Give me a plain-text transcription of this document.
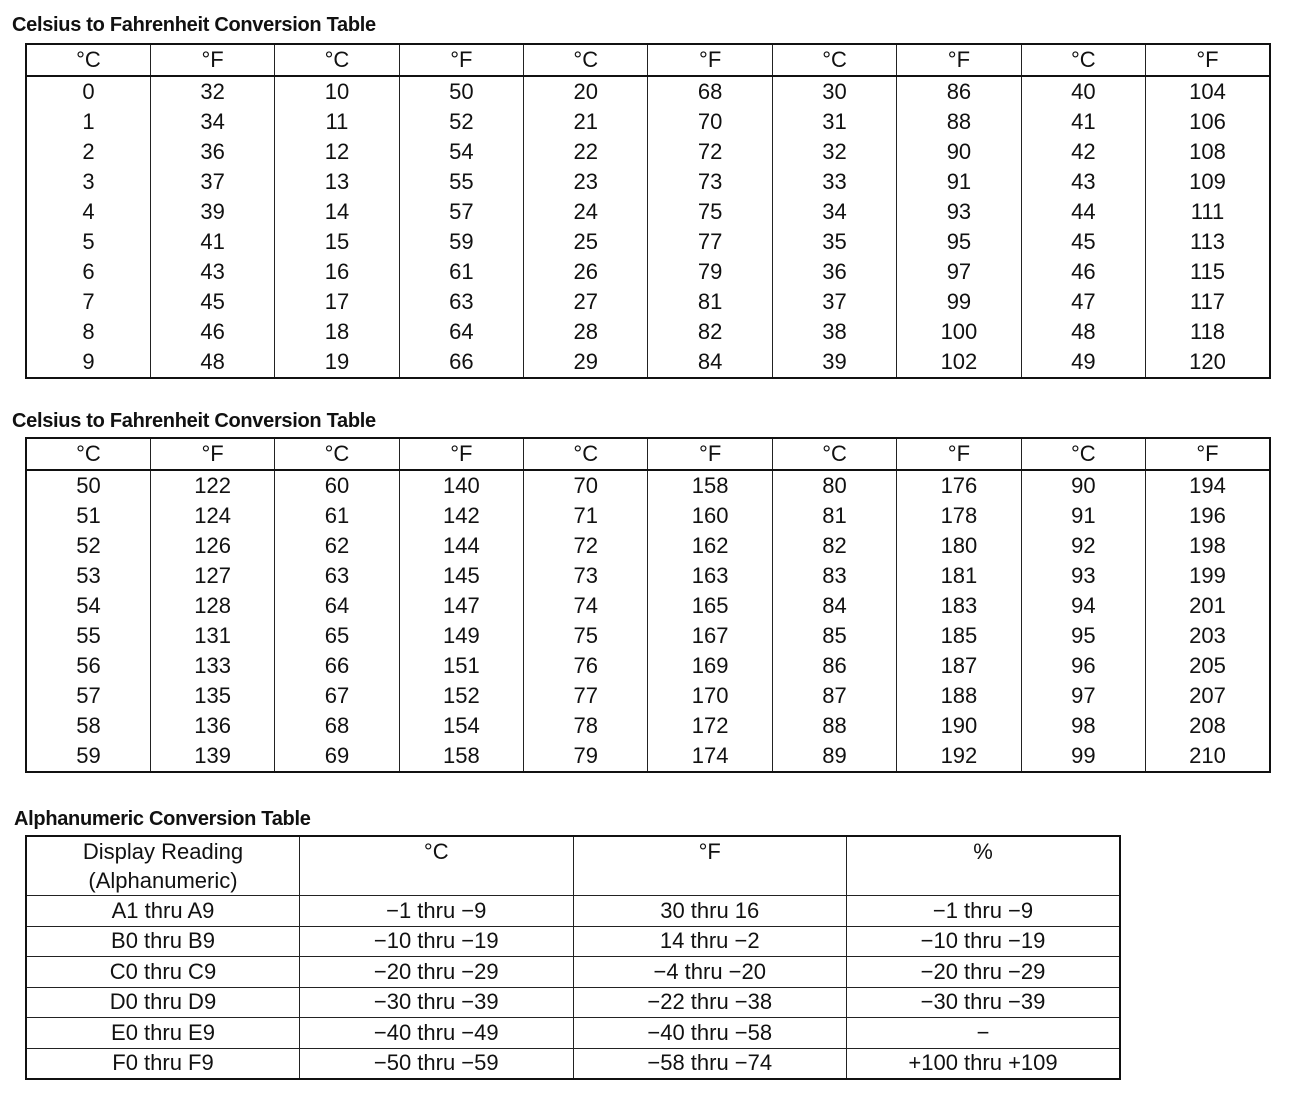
Celsius to Fahrenheit Conversion Table
°C	°F	°C	°F	°C	°F	°C	°F	°C	°F
0	32	10	50	20	68	30	86	40	104
1	34	11	52	21	70	31	88	41	106
2	36	12	54	22	72	32	90	42	108
3	37	13	55	23	73	33	91	43	109
4	39	14	57	24	75	34	93	44	111
5	41	15	59	25	77	35	95	45	113
6	43	16	61	26	79	36	97	46	115
7	45	17	63	27	81	37	99	47	117
8	46	18	64	28	82	38	100	48	118
9	48	19	66	29	84	39	102	49	120
Celsius to Fahrenheit Conversion Table
°C	°F	°C	°F	°C	°F	°C	°F	°C	°F
50	122	60	140	70	158	80	176	90	194
51	124	61	142	71	160	81	178	91	196
52	126	62	144	72	162	82	180	92	198
53	127	63	145	73	163	83	181	93	199
54	128	64	147	74	165	84	183	94	201
55	131	65	149	75	167	85	185	95	203
56	133	66	151	76	169	86	187	96	205
57	135	67	152	77	170	87	188	97	207
58	136	68	154	78	172	88	190	98	208
59	139	69	158	79	174	89	192	99	210
Alphanumeric Conversion Table
Display Reading
(Alphanumeric)	°C	°F	%
A1 thru A9	−1 thru −9	30 thru 16	−1 thru −9
B0 thru B9	−10 thru −19	14 thru −2	−10 thru −19
C0 thru C9	−20 thru −29	−4 thru −20	−20 thru −29
D0 thru D9	−30 thru −39	−22 thru −38	−30 thru −39
E0 thru E9	−40 thru −49	−40 thru −58	−
F0 thru F9	−50 thru −59	−58 thru −74	+100 thru +109
